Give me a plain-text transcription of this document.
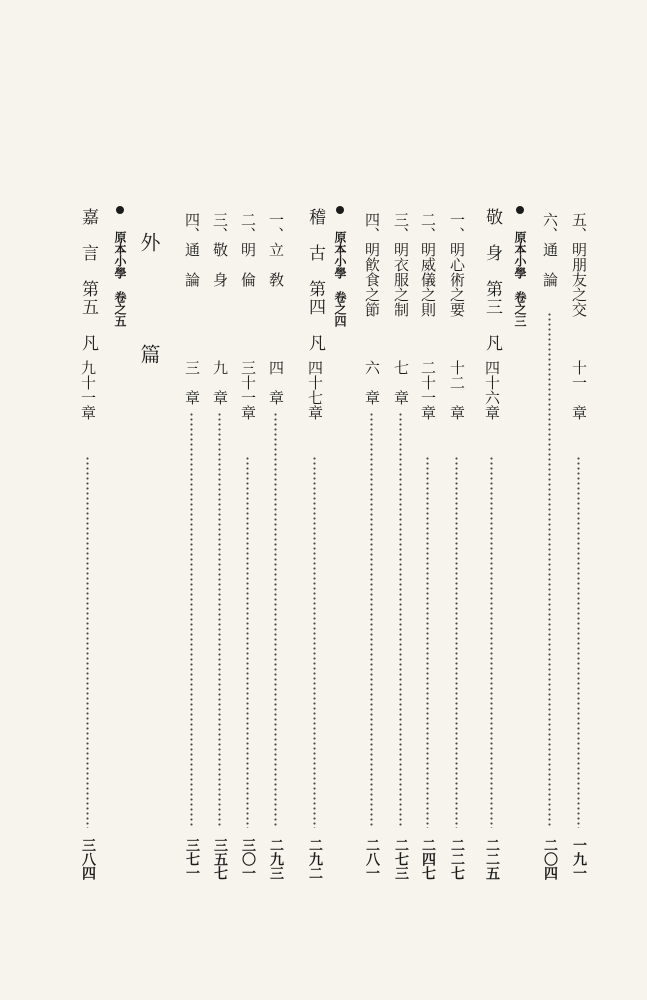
五、明朋友之交
十一　章
一九一
六、通　論
二〇四
原本小學　卷之三
敬　身　第三　凡
四十六章
二二五
一、明心術之要
十二　章
二二七
二、明威儀之則
二十一章
二四七
三、明衣服之制
七　章
二七三
四、明飮食之節
六　章
二八一
原本小學　卷之四
稽　古　第四　凡
四十七章
二九二
一、立　敎
四　章
二九三
二、明　倫
三十一章
三〇一
三、敬　身
九　章
三五七
四、通　論
三　章
三七一
外　篇
原本小學　卷之五
嘉　言　第五　凡
九十一章
三八四
